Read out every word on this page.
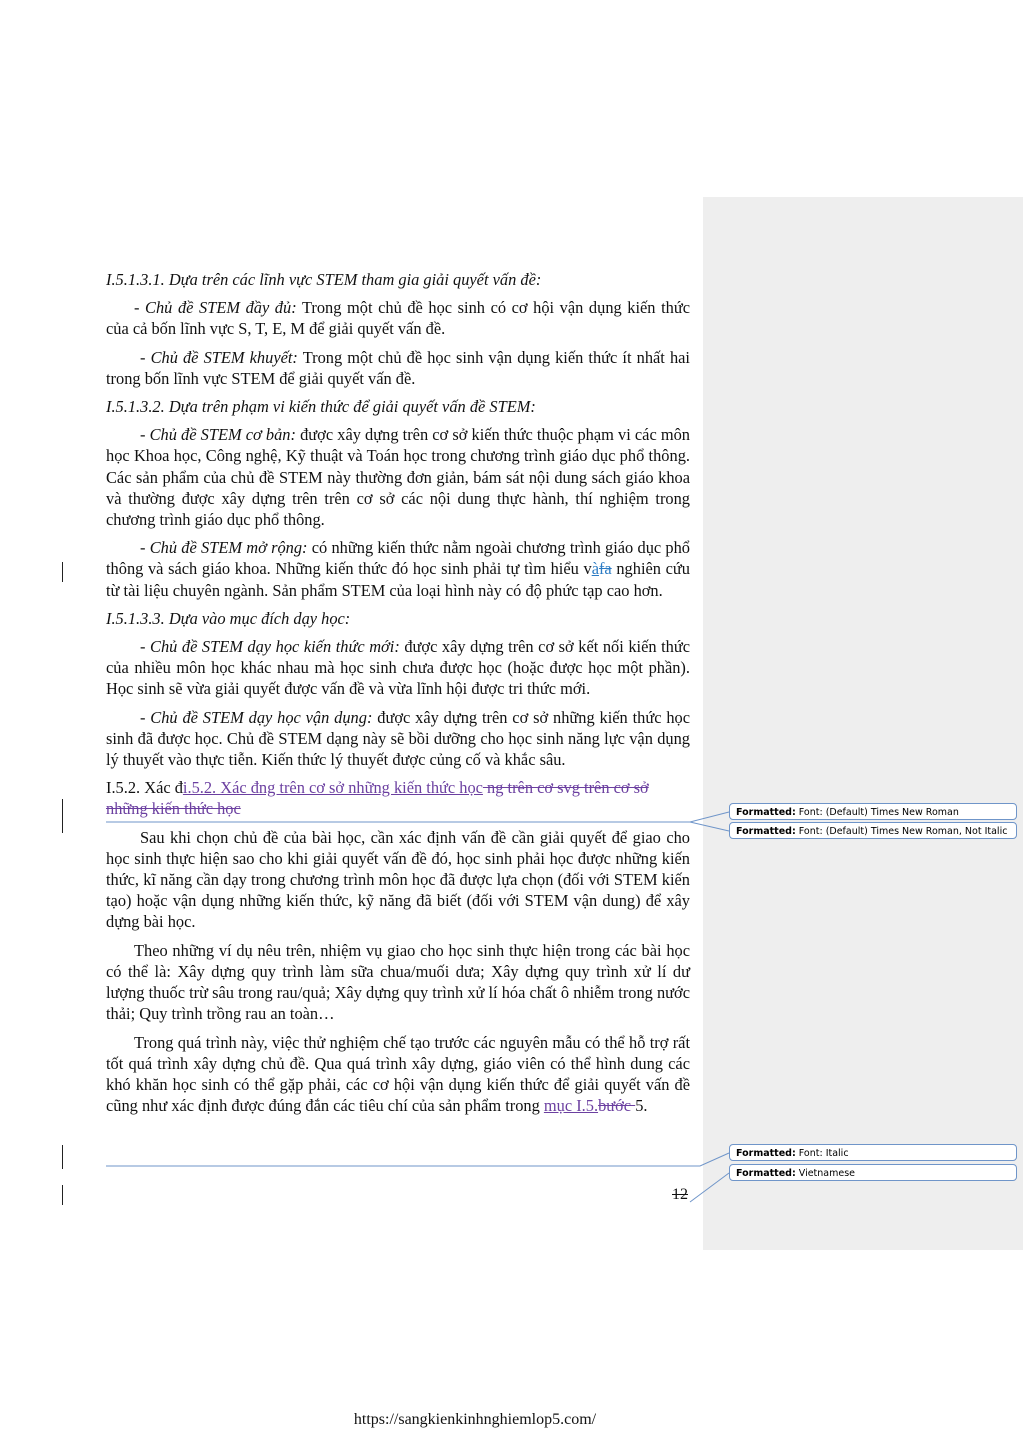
I.5.1.3.1. Dựa trên các lĩnh vực STEM tham gia giải quyết vấn đề:

- Chủ đề STEM đầy đủ: Trong một chủ đề học sinh có cơ hội vận dụng kiến thức của cả bốn lĩnh vực S, T, E, M để giải quyết vấn đề.

- Chủ đề STEM khuyết: Trong một chủ đề học sinh vận dụng kiến thức ít nhất hai trong bốn lĩnh vực STEM để giải quyết vấn đề.

I.5.1.3.2. Dựa trên phạm vi kiến thức để giải quyết vấn đề STEM:

- Chủ đề STEM cơ bản: được xây dựng trên cơ sở kiến thức thuộc phạm vi các môn học Khoa học, Công nghệ, Kỹ thuật và Toán học trong chương trình giáo dục phổ thông. Các sản phẩm của chủ đề STEM này thường đơn giản, bám sát nội dung sách giáo khoa và thường được xây dựng trên trên cơ sở các nội dung thực hành, thí nghiệm trong chương trình giáo dục phổ thông.

- Chủ đề STEM mở rộng: có những kiến thức nằm ngoài chương trình giáo dục phổ thông và sách giáo khoa. Những kiến thức đó học sinh phải tự tìm hiểu vàfa nghiên cứu từ tài liệu chuyên ngành. Sản phẩm STEM của loại hình này có độ phức tạp cao hơn.

I.5.1.3.3. Dựa vào mục đích dạy học:

- Chủ đề STEM dạy học kiến thức mới: được xây dựng trên cơ sở kết nối kiến thức của nhiều môn học khác nhau mà học sinh chưa được học (hoặc được học một phần). Học sinh sẽ vừa giải quyết được vấn đề và vừa lĩnh hội được tri thức mới.

- Chủ đề STEM dạy học vận dụng: được xây dựng trên cơ sở những kiến thức học sinh đã được học. Chủ đề STEM dạng này sẽ bồi dưỡng cho học sinh năng lực vận dụng lý thuyết vào thực tiễn. Kiến thức lý thuyết được củng cố và khắc sâu.

I.5.2. Xác đi.5.2. Xác đng trên cơ sở những kiến thức học ng trên cơ svg trên cơ sở những kiến thức học

Sau khi chọn chủ đề của bài học, cần xác định vấn đề cần giải quyết để giao cho học sinh thực hiện sao cho khi giải quyết vấn đề đó, học sinh phải học được những kiến thức, kĩ năng cần dạy trong chương trình môn học đã được lựa chọn (đối với STEM kiến tạo) hoặc vận dụng những kiến thức, kỹ năng đã biết (đối với STEM vận dung) để xây dựng bài học.

Theo những ví dụ nêu trên, nhiệm vụ giao cho học sinh thực hiện trong các bài học có thể là: Xây dựng quy trình làm sữa chua/muối dưa; Xây dựng quy trình xử lí dư lượng thuốc trừ sâu trong rau/quả; Xây dựng quy trình xử lí hóa chất ô nhiễm trong nước thải; Quy trình trồng rau an toàn…

Trong quá trình này, việc thử nghiệm chế tạo trước các nguyên mẫu có thể hỗ trợ rất tốt quá trình xây dựng chủ đề. Qua quá trình xây dựng, giáo viên có thể hình dung các khó khăn học sinh có thể gặp phải, các cơ hội vận dụng kiến thức để giải quyết vấn đề cũng như xác định được đúng đắn các tiêu chí của sản phẩm trong mục I.5.bước 5.

Formatted: Font: (Default) Times New Roman
Formatted: Font: (Default) Times New Roman, Not Italic
Formatted: Font: Italic
Formatted: Vietnamese
12
https://sangkienkinhnghiemlop5.com/
